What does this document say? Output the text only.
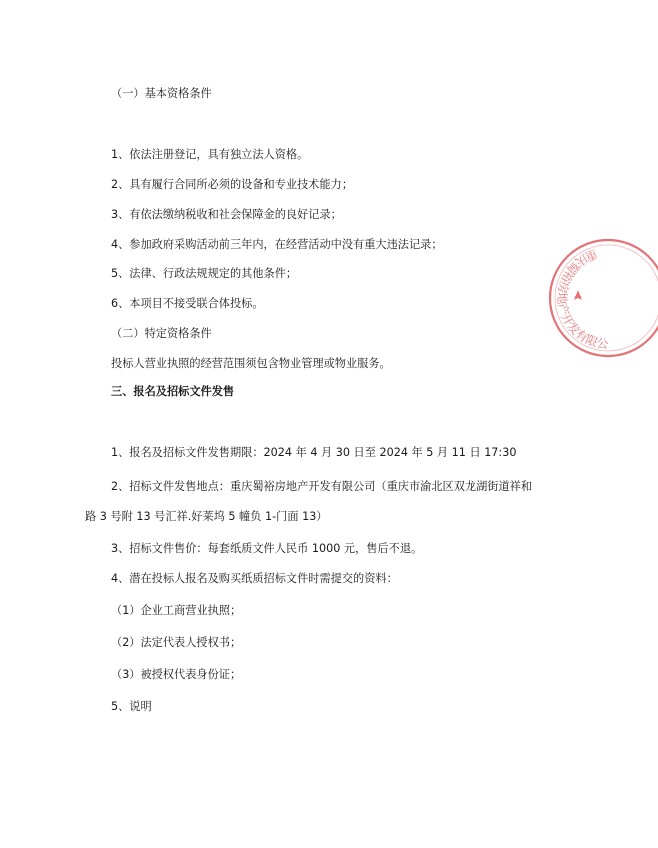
（一）基本资格条件
1、依法注册登记，具有独立法人资格。
2、具有履行合同所必须的设备和专业技术能力；
3、有依法缴纳税收和社会保障金的良好记录；
4、参加政府采购活动前三年内，在经营活动中没有重大违法记录；
5、法律、行政法规规定的其他条件；
6、本项目不接受联合体投标。
（二）特定资格条件
投标人营业执照的经营范围须包含物业管理或物业服务。
三、报名及招标文件发售
1、报名及招标文件发售期限：2024 年 4 月 30 日至 2024 年 5 月 11 日 17:30
2、招标文件发售地点：重庆蜀裕房地产开发有限公司（重庆市渝北区双龙湖街道祥和
路 3 号附 13 号汇祥.好莱坞 5 幢负 1-门面 13）
3、招标文件售价：每套纸质文件人民币 1000 元，售后不退。
4、潜在投标人报名及购买纸质招标文件时需提交的资料：
（1）企业工商营业执照；
（2）法定代表人授权书；
（3）被授权代表身份证；
5、说明
重庆蜀裕房地产开发有限公司
